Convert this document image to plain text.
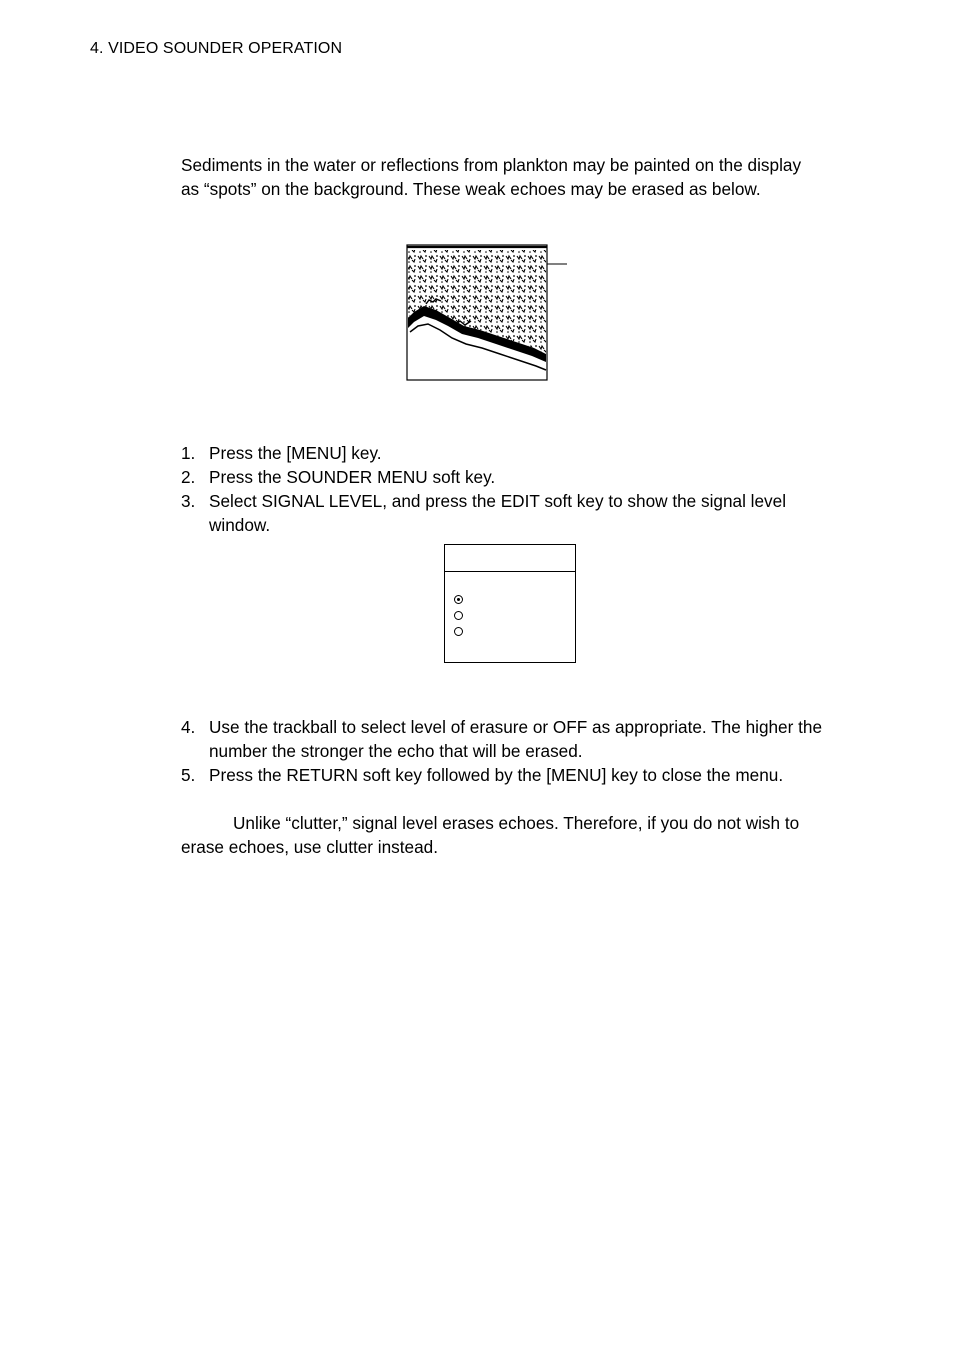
4. VIDEO SOUNDER OPERATION
Sediments in the water or reflections from plankton may be painted on the display as “spots” on the background. These weak echoes may be erased as below.
1. Press the [MENU] key.
2. Press the SOUNDER MENU soft key.
3. Select SIGNAL LEVEL, and press the EDIT soft key to show the signal level window.
4. Use the trackball to select level of erasure or OFF as appropriate. The higher the number the stronger the echo that will be erased.
5. Press the RETURN soft key followed by the [MENU] key to close the menu.
Unlike “clutter,” signal level erases echoes. Therefore, if you do not wish to erase echoes, use clutter instead.
